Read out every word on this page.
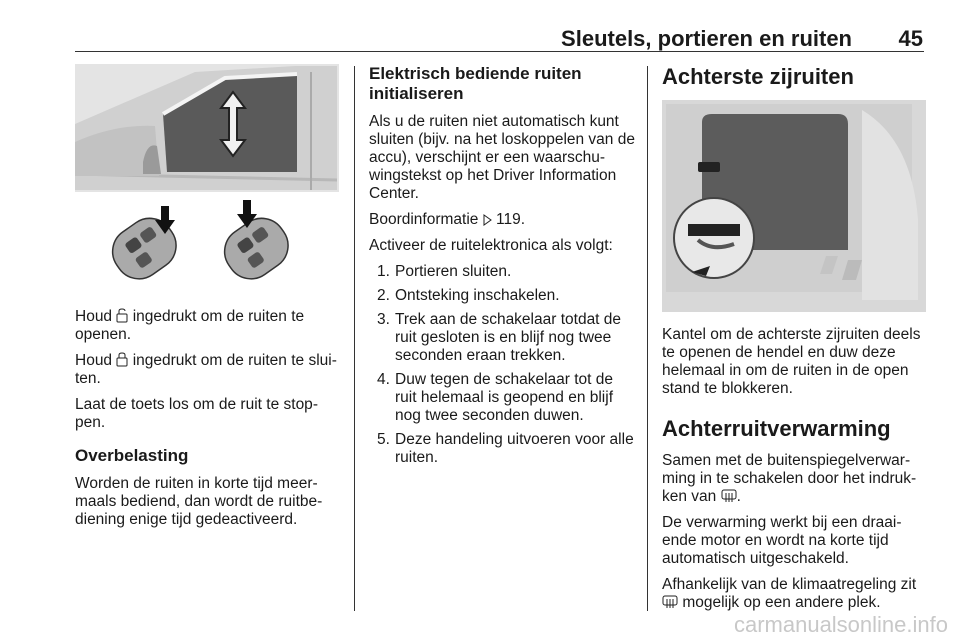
Sleutels, portieren en ruiten 45

Houd ingedrukt om de ruiten te openen.

Houd ingedrukt om de ruiten te sluiten.

Laat de toets los om de ruit te stoppen.

Overbelasting

Worden de ruiten in korte tijd meermaals bediend, dan wordt de ruitbediening enige tijd gedeactiveerd.

Elektrisch bediende ruiten initialiseren

Als u de ruiten niet automatisch kunt sluiten (bijv. na het loskoppelen van de accu), verschijnt er een waarschuwingstekst op het Driver Information Center.

Boordinformatie 119.

Activeer de ruitelektronica als volgt:

1. Portieren sluiten.
2. Ontsteking inschakelen.
3. Trek aan de schakelaar totdat de ruit gesloten is en blijf nog twee seconden eraan trekken.
4. Duw tegen de schakelaar tot de ruit helemaal is geopend en blijf nog twee seconden duwen.
5. Deze handeling uitvoeren voor alle ruiten.
Achterste zijruiten

Kantel om de achterste zijruiten deels te openen de hendel en duw deze helemaal in om de ruiten in de open stand te blokkeren.

Achterruitverwarming

Samen met de buitenspiegelverwarming in te schakelen door het indrukken van .

De verwarming werkt bij een draaiende motor en wordt na korte tijd automatisch uitgeschakeld.

Afhankelijk van de klimaatregeling zit  mogelijk op een andere plek.

carmanualsonline.info
